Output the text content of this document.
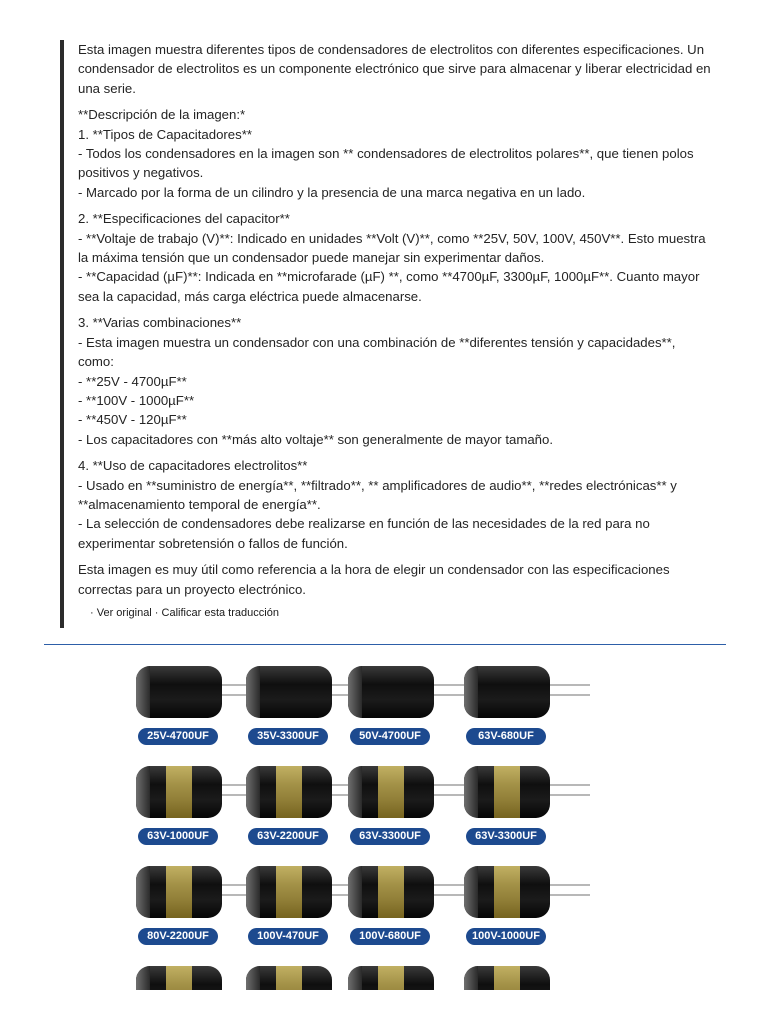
Esta imagen muestra diferentes tipos de condensadores de electrolitos con diferentes especificaciones. Un condensador de electrolitos es un componente electrónico que sirve para almacenar y liberar electricidad en una serie.

**Descripción de la imagen:*

1. **Tipos de Capacitadores**

- Todos los condensadores en la imagen son ** condensadores de electrolitos polares**, que tienen polos positivos y negativos.

- Marcado por la forma de un cilindro y la presencia de una marca negativa en un lado.

2. **Especificaciones del capacitor**

- **Voltaje de trabajo (V)**: Indicado en unidades **Volt (V)**, como **25V, 50V, 100V, 450V**. Esto muestra la máxima tensión que un condensador puede manejar sin experimentar daños.

- **Capacidad (µF)**: Indicada en **microfarade (µF) **, como **4700µF, 3300µF, 1000µF**. Cuanto mayor sea la capacidad, más carga eléctrica puede almacenarse.

3. **Varias combinaciones**

- Esta imagen muestra un condensador con una combinación de **diferentes tensión y capacidades**, como:

- **25V - 4700µF**

- **100V - 1000µF**

- **450V - 120µF**

- Los capacitadores con **más alto voltaje** son generalmente de mayor tamaño.

4. **Uso de capacitadores electrolitos**

- Usado en **suministro de energía**, **filtrado**, ** amplificadores de audio**, **redes electrónicas** y **almacenamiento temporal de energía**.

- La selección de condensadores debe realizarse en función de las necesidades de la red para no experimentar sobretensión o fallos de función.

Esta imagen es muy útil como referencia a la hora de elegir un condensador con las especificaciones correctas para un proyecto electrónico.

· Ver original · Calificar esta traducción
25V-4700UF	35V-3300UF	50V-4700UF	63V-680UF
63V-1000UF	63V-2200UF	63V-3300UF	63V-3300UF
80V-2200UF	100V-470UF	100V-680UF	100V-1000UF
